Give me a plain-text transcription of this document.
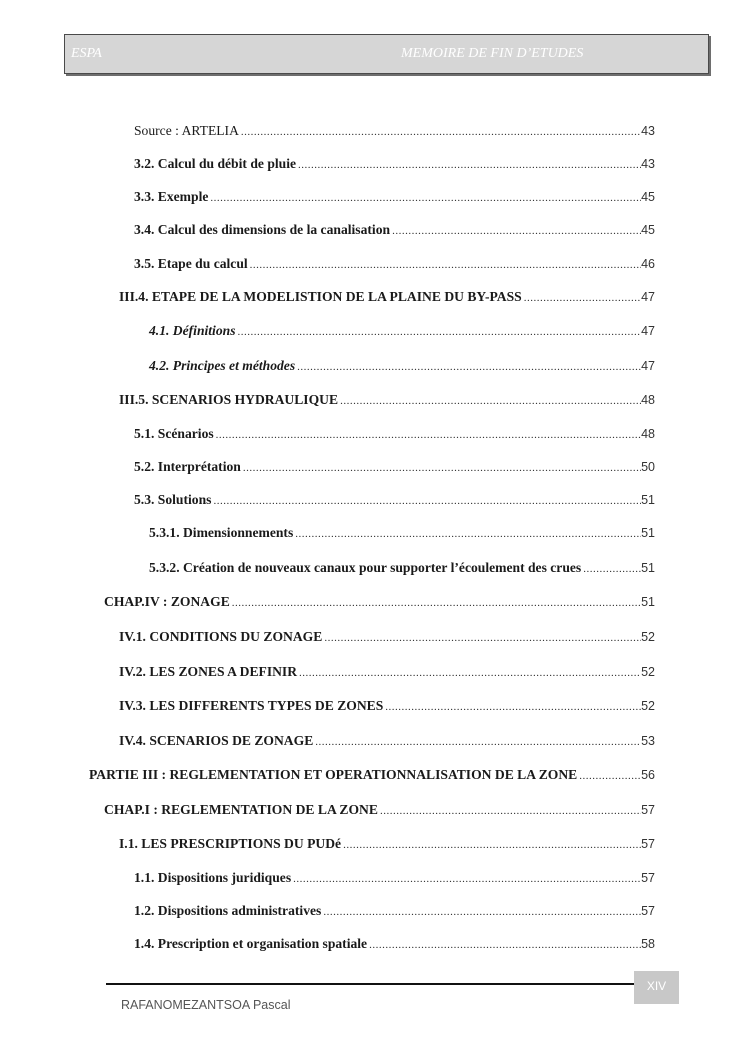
ESPA	MEMOIRE DE FIN D’ETUDES
Source : ARTELIA .....	43
3.2. Calcul du débit de pluie .....	43
3.3. Exemple .....	45
3.4. Calcul des dimensions de la canalisation .....	45
3.5. Etape du calcul .....	46
III.4. ETAPE DE LA MODELISTION DE LA PLAINE DU BY-PASS .....	47
4.1. Définitions .....	47
4.2. Principes et méthodes .....	47
III.5. SCENARIOS HYDRAULIQUE .....	48
5.1. Scénarios .....	48
5.2. Interprétation .....	50
5.3. Solutions .....	51
5.3.1. Dimensionnements .....	51
5.3.2. Création de nouveaux canaux pour supporter l’écoulement des crues .....	51
CHAP.IV : ZONAGE .....	51
IV.1. CONDITIONS DU ZONAGE .....	52
IV.2. LES ZONES A DEFINIR .....	52
IV.3. LES DIFFERENTS TYPES DE ZONES .....	52
IV.4. SCENARIOS DE ZONAGE .....	53
PARTIE III : REGLEMENTATION ET OPERATIONNALISATION DE LA ZONE .....	56
CHAP.I : REGLEMENTATION DE LA ZONE .....	57
I.1. LES PRESCRIPTIONS DU PUDé .....	57
1.1. Dispositions juridiques .....	57
1.2. Dispositions administratives .....	57
1.4. Prescription et organisation spatiale .....	58
XIV
RAFANOMEZANTSOA Pascal
